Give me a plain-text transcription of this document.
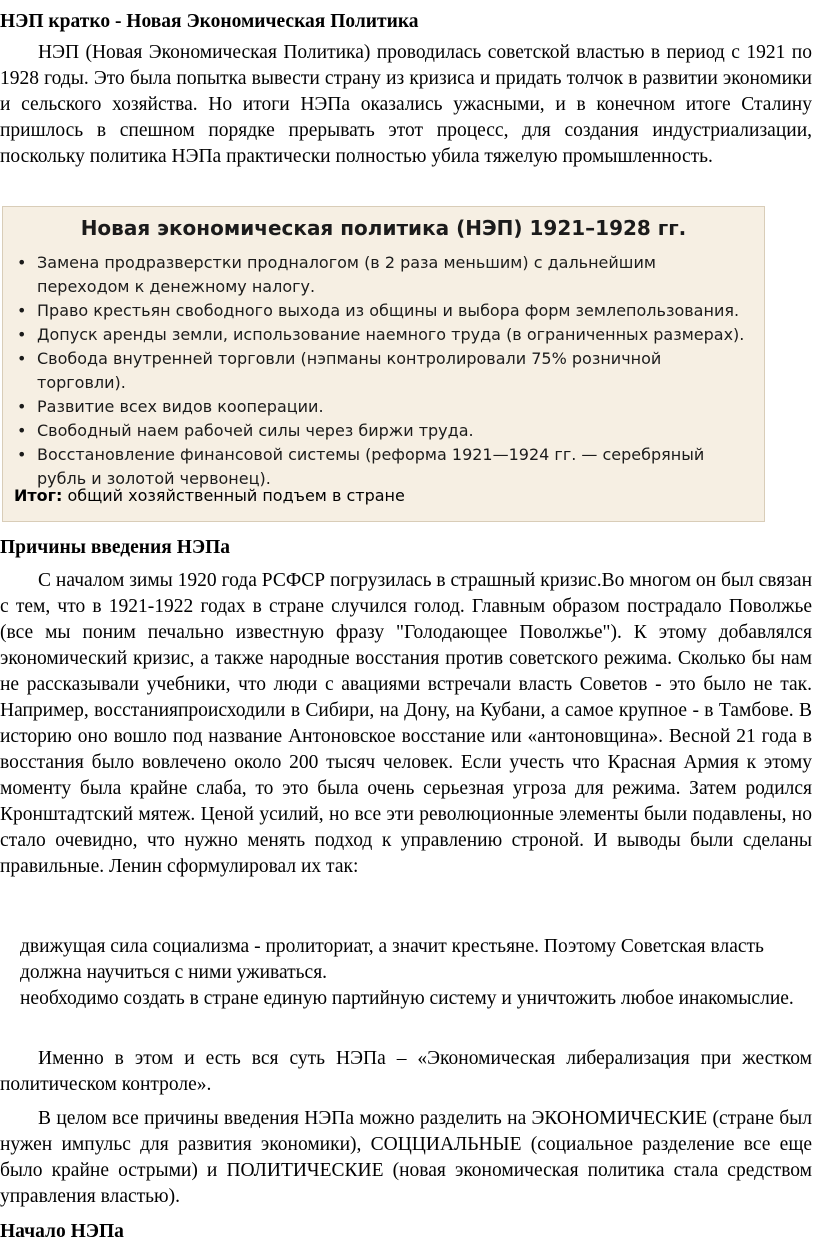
НЭП кратко - Новая Экономическая Политика

НЭП (Новая Экономическая Политика) проводилась советской властью в период с 1921 по 1928 годы. Это была попытка вывести страну из кризиса и придать толчок в развитии экономики и сельского хозяйства. Но итоги НЭПа оказались ужасными, и в конечном итоге Сталину пришлось в спешном порядке прерывать этот процесс, для создания индустриализации, поскольку политика НЭПа практически полностью убила тяжелую промышленность.

Новая экономическая политика (НЭП) 1921–1928 гг.
• Замена продразверстки продналогом (в 2 раза меньшим) с дальнейшим переходом к денежному налогу.
• Право крестьян свободного выхода из общины и выбора форм землепользования.
• Допуск аренды земли, использование наемного труда (в ограниченных размерах).
• Свобода внутренней торговли (нэпманы контролировали 75% розничной торговли).
• Развитие всех видов кооперации.
• Свободный наем рабочей силы через биржи труда.
• Восстановление финансовой системы (реформа 1921—1924 гг. — серебряный рубль и золотой червонец).
Итог: общий хозяйственный подъем в стране
Причины введения НЭПа

С началом зимы 1920 года РСФСР погрузилась в страшный кризис.Во многом он был связан с тем, что в 1921-1922 годах в стране случился голод. Главным образом пострадало Поволжье (все мы поним печально известную фразу "Голодающее Поволжье"). К этому добавлялся экономический кризис, а также народные восстания против советского режима. Сколько бы нам не рассказывали учебники, что люди с авациями встречали власть Советов - это было не так. Например, восстанияпроисходили в Сибири, на Дону, на Кубани, а самое крупное - в Тамбове. В историю оно вошло под название Антоновское восстание или «антоновщина». Весной 21 года в восстания было вовлечено около 200 тысяч человек. Если учесть что Красная Армия к этому моменту была крайне слаба, то это была очень серьезная угроза для режима. Затем родился Кронштадтский мятеж. Ценой усилий, но все эти революционные элементы были подавлены, но стало очевидно, что нужно менять подход к управлению строной. И выводы были сделаны правильные. Ленин сформулировал их так:

движущая сила социализма - пролиториат, а значит крестьяне. Поэтому Советская власть должна научиться с ними уживаться.
необходимо создать в стране единую партийную систему и уничтожить любое инакомыслие.

Именно в этом и есть вся суть НЭПа – «Экономическая либерализация при жестком политическом контроле».

В целом все причины введения НЭПа можно разделить на ЭКОНОМИЧЕСКИЕ (стране был нужен импульс для развития экономики), СОЦЦИАЛЬНЫЕ (социальное разделение все еще было крайне острыми) и ПОЛИТИЧЕСКИЕ (новая экономическая политика стала средством управления властью).

Начало НЭПа
